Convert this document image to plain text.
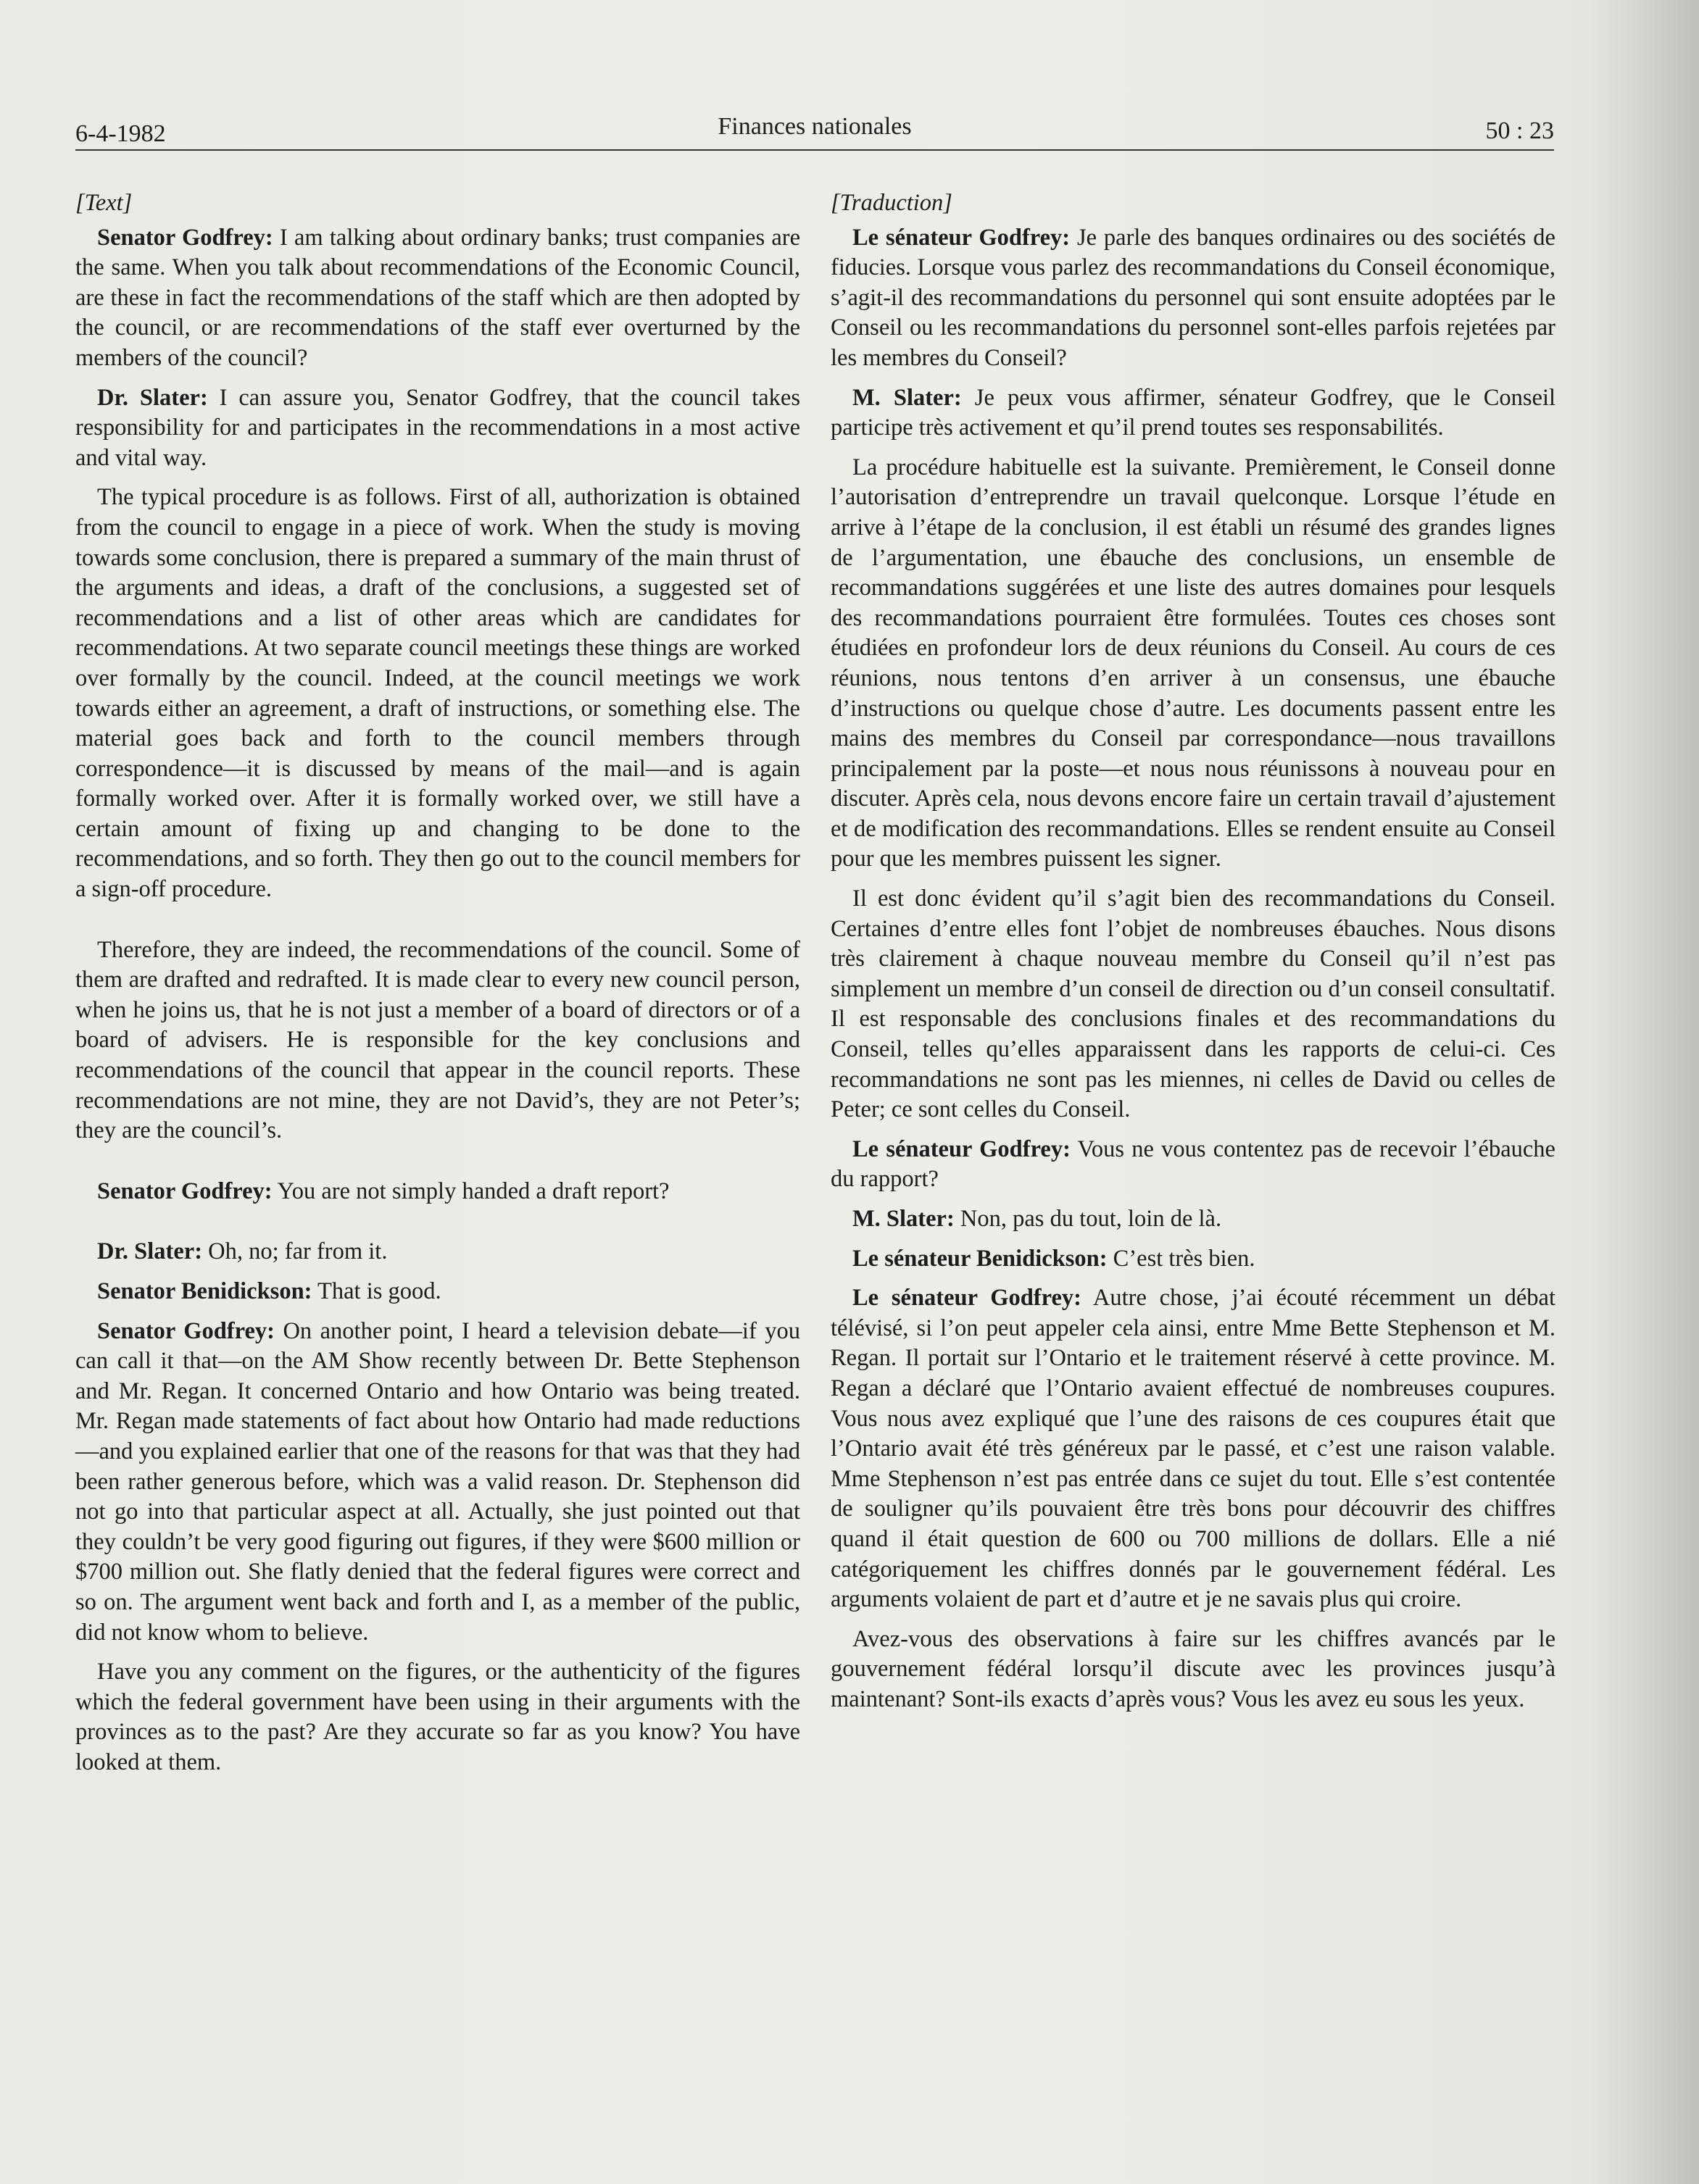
6-4-1982	Finances nationales	50 : 23

[Text]

Senator Godfrey: I am talking about ordinary banks; trust companies are the same. When you talk about recommendations of the Economic Council, are these in fact the recommendations of the staff which are then adopted by the council, or are recommendations of the staff ever overturned by the members of the council?

Dr. Slater: I can assure you, Senator Godfrey, that the council takes responsibility for and participates in the recommendations in a most active and vital way.

The typical procedure is as follows. First of all, authorization is obtained from the council to engage in a piece of work. When the study is moving towards some conclusion, there is prepared a summary of the main thrust of the arguments and ideas, a draft of the conclusions, a suggested set of recommendations and a list of other areas which are candidates for recommendations. At two separate council meetings these things are worked over formally by the council. Indeed, at the council meetings we work towards either an agreement, a draft of instructions, or something else. The material goes back and forth to the council members through correspondence—it is discussed by means of the mail—and is again formally worked over. After it is formally worked over, we still have a certain amount of fixing up and changing to be done to the recommendations, and so forth. They then go out to the council members for a sign-off procedure.

Therefore, they are indeed, the recommendations of the council. Some of them are drafted and redrafted. It is made clear to every new council person, when he joins us, that he is not just a member of a board of directors or of a board of advisers. He is responsible for the key conclusions and recommendations of the council that appear in the council reports. These recommendations are not mine, they are not David’s, they are not Peter’s; they are the council’s.

Senator Godfrey: You are not simply handed a draft report?

Dr. Slater: Oh, no; far from it.

Senator Benidickson: That is good.

Senator Godfrey: On another point, I heard a television debate—if you can call it that—on the AM Show recently between Dr. Bette Stephenson and Mr. Regan. It concerned Ontario and how Ontario was being treated. Mr. Regan made statements of fact about how Ontario had made reductions—and you explained earlier that one of the reasons for that was that they had been rather generous before, which was a valid reason. Dr. Stephenson did not go into that particular aspect at all. Actually, she just pointed out that they couldn’t be very good figuring out figures, if they were $600 million or $700 million out. She flatly denied that the federal figures were correct and so on. The argument went back and forth and I, as a member of the public, did not know whom to believe.

Have you any comment on the figures, or the authenticity of the figures which the federal government have been using in their arguments with the provinces as to the past? Are they accurate so far as you know? You have looked at them.

[Traduction]

Le sénateur Godfrey: Je parle des banques ordinaires ou des sociétés de fiducies. Lorsque vous parlez des recommandations du Conseil économique, s’agit-il des recommandations du personnel qui sont ensuite adoptées par le Conseil ou les recommandations du personnel sont-elles parfois rejetées par les membres du Conseil?

M. Slater: Je peux vous affirmer, sénateur Godfrey, que le Conseil participe très activement et qu’il prend toutes ses responsabilités.

La procédure habituelle est la suivante. Premièrement, le Conseil donne l’autorisation d’entreprendre un travail quelconque. Lorsque l’étude en arrive à l’étape de la conclusion, il est établi un résumé des grandes lignes de l’argumentation, une ébauche des conclusions, un ensemble de recommandations suggérées et une liste des autres domaines pour lesquels des recommandations pourraient être formulées. Toutes ces choses sont étudiées en profondeur lors de deux réunions du Conseil. Au cours de ces réunions, nous tentons d’en arriver à un consensus, une ébauche d’instructions ou quelque chose d’autre. Les documents passent entre les mains des membres du Conseil par correspondance—nous travaillons principalement par la poste—et nous nous réunissons à nouveau pour en discuter. Après cela, nous devons encore faire un certain travail d’ajustement et de modification des recommandations. Elles se rendent ensuite au Conseil pour que les membres puissent les signer.

Il est donc évident qu’il s’agit bien des recommandations du Conseil. Certaines d’entre elles font l’objet de nombreuses ébauches. Nous disons très clairement à chaque nouveau membre du Conseil qu’il n’est pas simplement un membre d’un conseil de direction ou d’un conseil consultatif. Il est responsable des conclusions finales et des recommandations du Conseil, telles qu’elles apparaissent dans les rapports de celui-ci. Ces recommandations ne sont pas les miennes, ni celles de David ou celles de Peter; ce sont celles du Conseil.

Le sénateur Godfrey: Vous ne vous contentez pas de recevoir l’ébauche du rapport?

M. Slater: Non, pas du tout, loin de là.

Le sénateur Benidickson: C’est très bien.

Le sénateur Godfrey: Autre chose, j’ai écouté récemment un débat télévisé, si l’on peut appeler cela ainsi, entre Mme Bette Stephenson et M. Regan. Il portait sur l’Ontario et le traitement réservé à cette province. M. Regan a déclaré que l’Ontario avaient effectué de nombreuses coupures. Vous nous avez expliqué que l’une des raisons de ces coupures était que l’Ontario avait été très généreux par le passé, et c’est une raison valable. Mme Stephenson n’est pas entrée dans ce sujet du tout. Elle s’est contentée de souligner qu’ils pouvaient être très bons pour découvrir des chiffres quand il était question de 600 ou 700 millions de dollars. Elle a nié catégoriquement les chiffres donnés par le gouvernement fédéral. Les arguments volaient de part et d’autre et je ne savais plus qui croire.

Avez-vous des observations à faire sur les chiffres avancés par le gouvernement fédéral lorsqu’il discute avec les provinces jusqu’à maintenant? Sont-ils exacts d’après vous? Vous les avez eu sous les yeux.
